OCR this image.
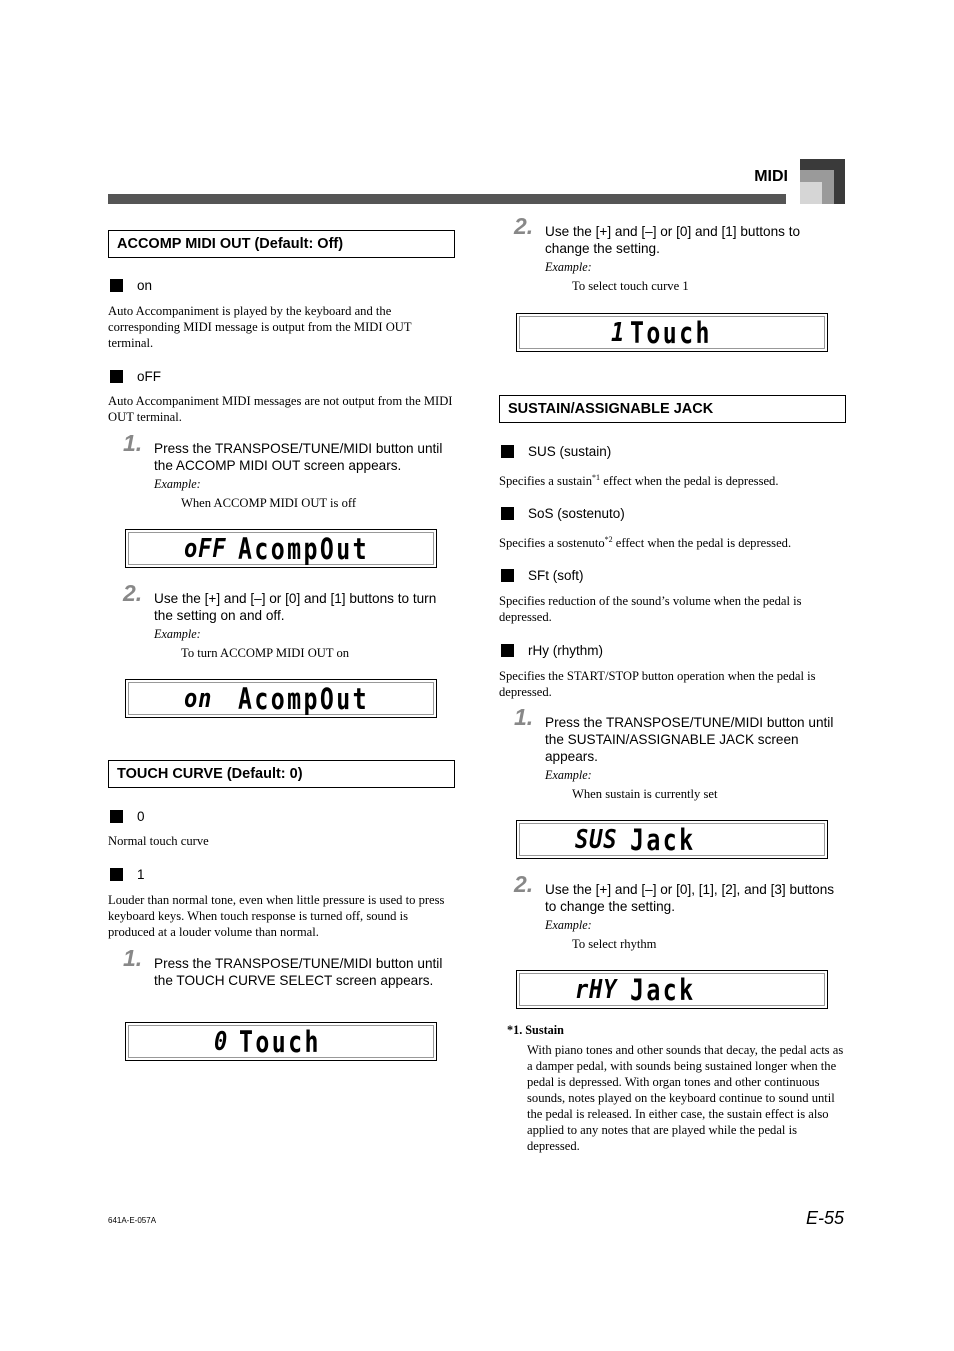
MIDI
ACCOMP MIDI OUT (Default: Off)
on
Auto Accompaniment is played by the keyboard and the corresponding MIDI message is output from the MIDI OUT terminal.
oFF
Auto Accompaniment MIDI messages are not output from the MIDI OUT terminal.
1. Press the TRANSPOSE/TUNE/MIDI button until the ACCOMP MIDI OUT screen appears.
Example:
When ACCOMP MIDI OUT is off
oFF AcompOut
2. Use the [+] and [–] or [0] and [1] buttons to turn the setting on and off.
Example:
To turn ACCOMP MIDI OUT on
on AcompOut
TOUCH CURVE (Default: 0)
0
Normal touch curve
1
Louder than normal tone, even when little pressure is used to press keyboard keys. When touch response is turned off, sound is produced at a louder volume than normal.
1. Press the TRANSPOSE/TUNE/MIDI button until the TOUCH CURVE SELECT screen appears.
0 Touch
2. Use the [+] and [–] or [0] and [1] buttons to change the setting.
Example:
To select touch curve 1
1 Touch
SUSTAIN/ASSIGNABLE JACK
SUS (sustain)
Specifies a sustain$^{*1}$ effect when the pedal is depressed.
SoS (sostenuto)
Specifies a sostenuto$^{*2}$ effect when the pedal is depressed.
SFt (soft)
Specifies reduction of the sound’s volume when the pedal is depressed.
rHy (rhythm)
Specifies the START/STOP button operation when the pedal is depressed.
1. Press the TRANSPOSE/TUNE/MIDI button until the SUSTAIN/ASSIGNABLE JACK screen appears.
Example:
When sustain is currently set
SUS Jack
2. Use the [+] and [–] or [0], [1], [2], and [3] buttons to change the setting.
Example:
To select rhythm
rHY Jack
*1. Sustain
With piano tones and other sounds that decay, the pedal acts as a damper pedal, with sounds being sustained longer when the pedal is depressed. With organ tones and other continuous sounds, notes played on the keyboard continue to sound until the pedal is released. In either case, the sustain effect is also applied to any notes that are played while the pedal is depressed.
641A-E-057A	E-55
